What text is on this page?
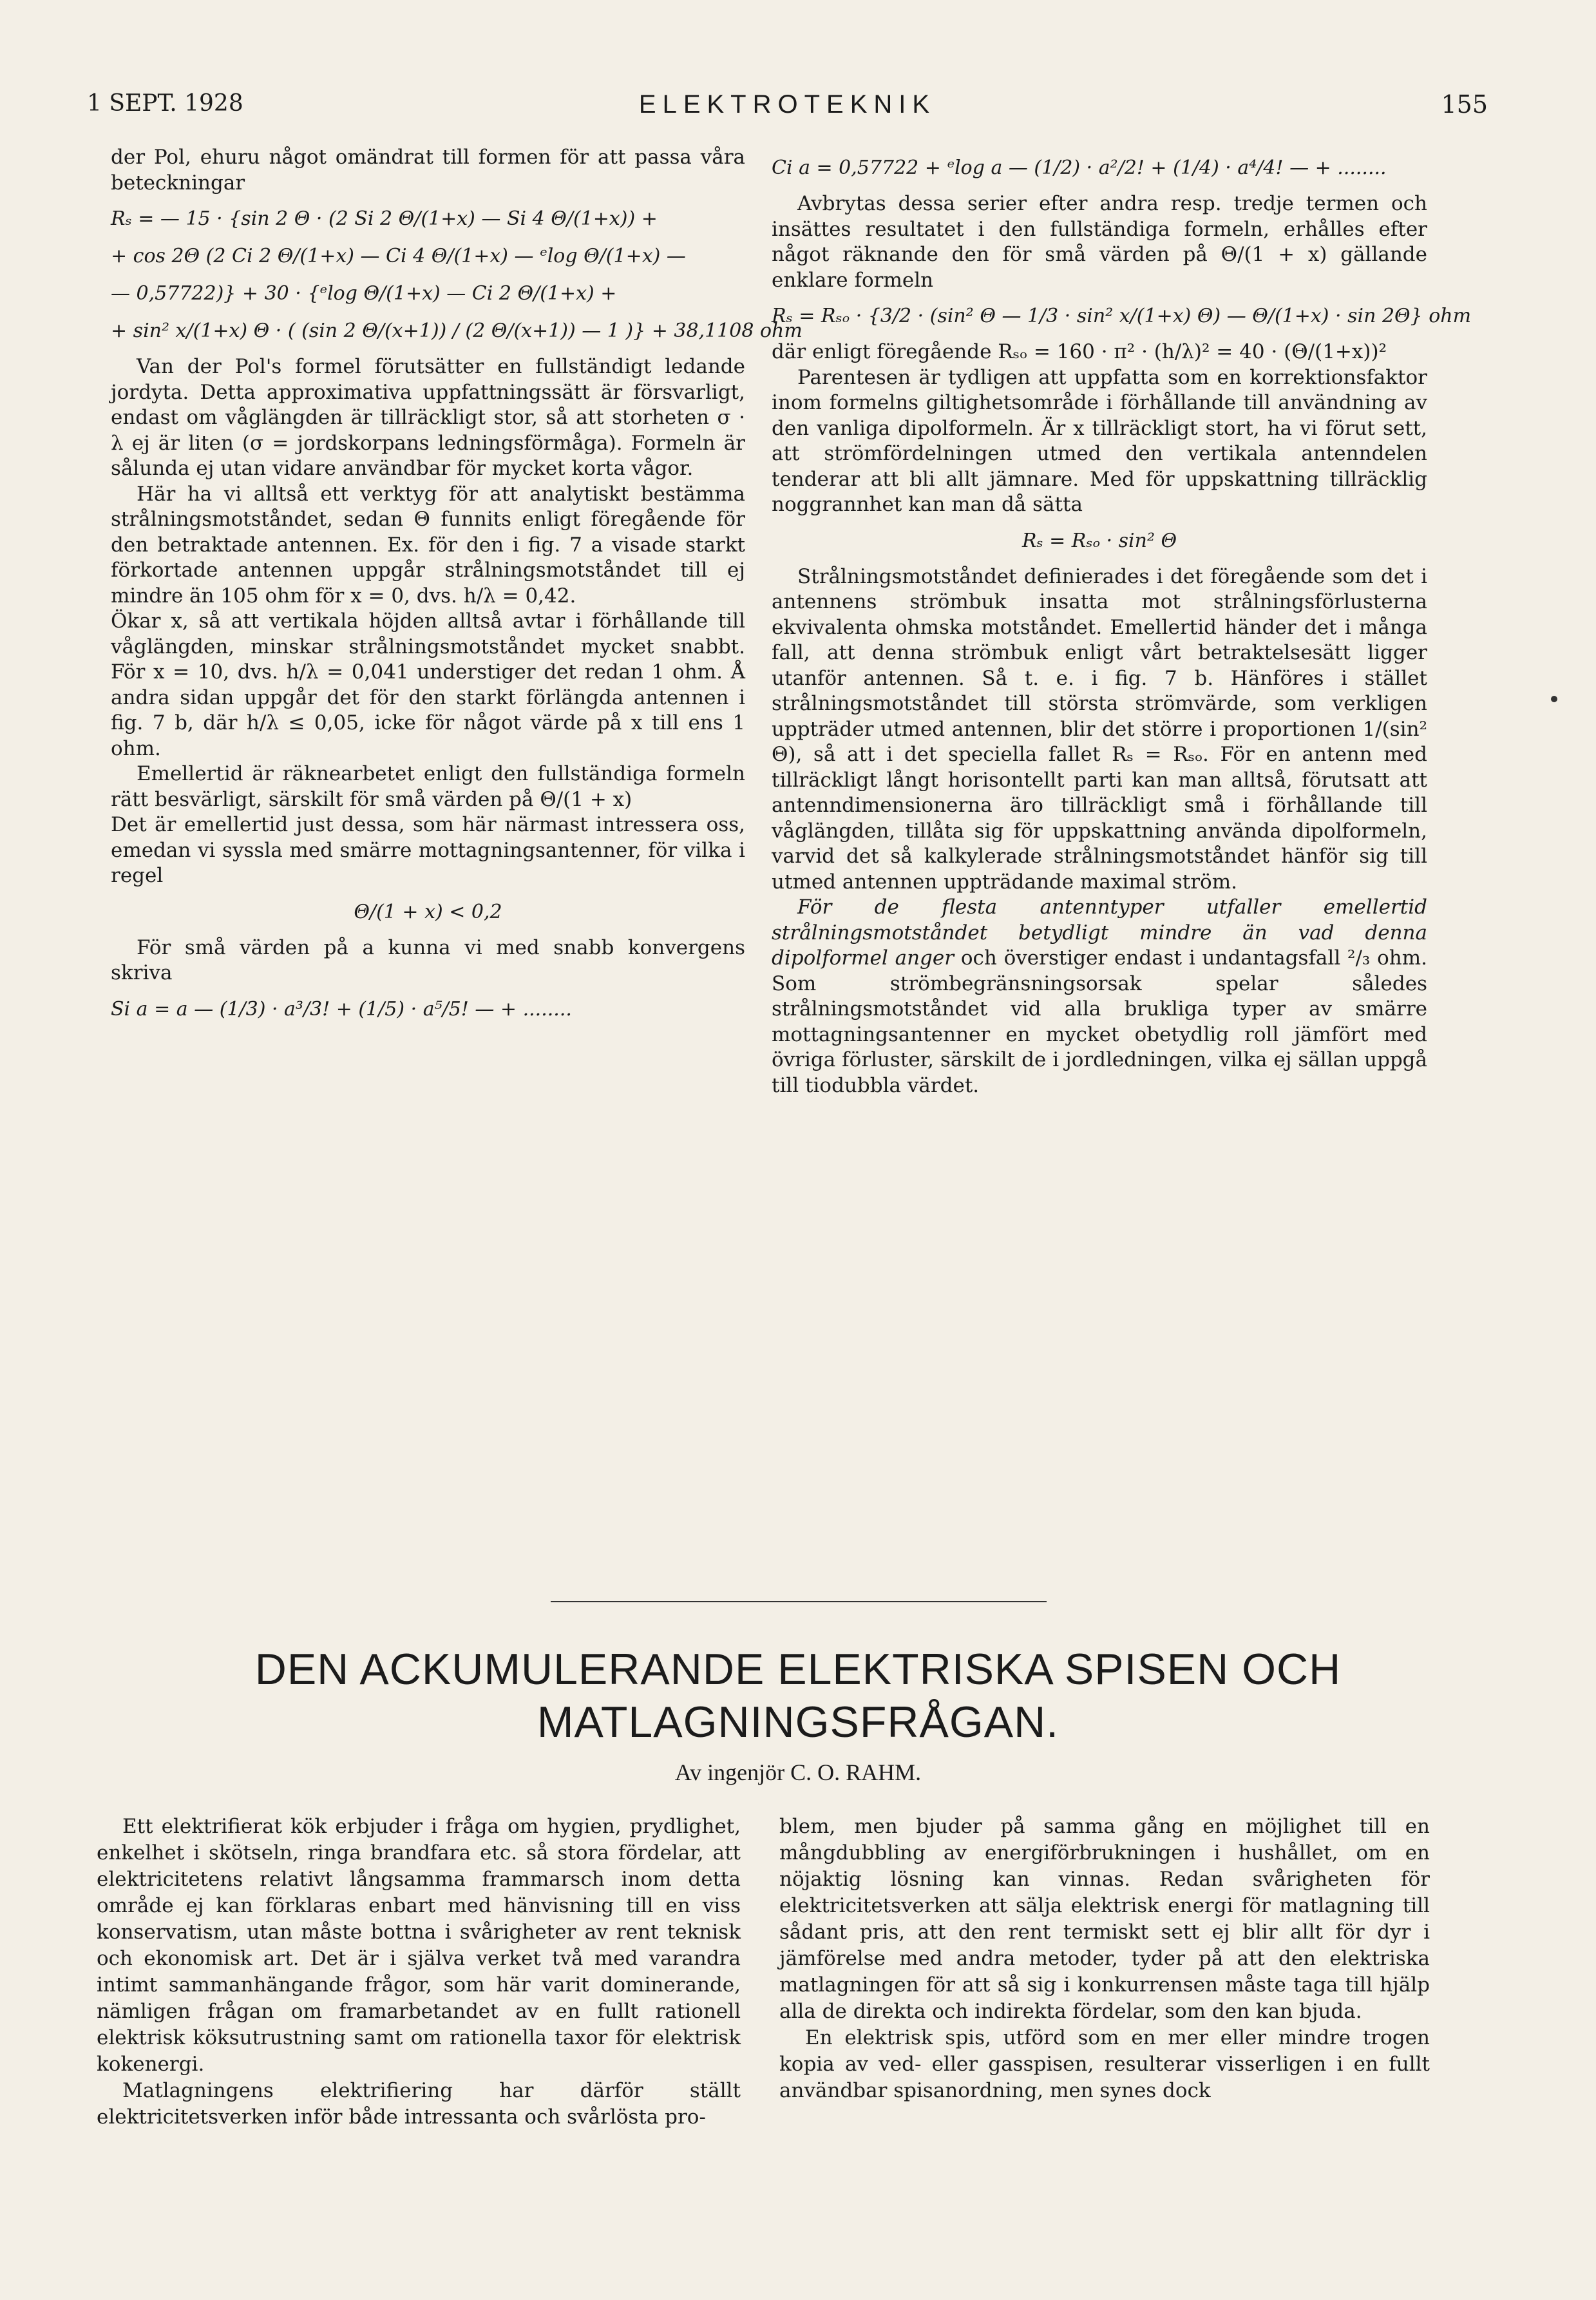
1 SEPT. 1928	ELEKTROTEKNIK	155

der Pol, ehuru något omändrat till formen för att passa våra beteckningar

Rₛ = — 15 · {sin 2 Θ · (2 Si 2 Θ/(1+x) — Si 4 Θ/(1+x)) +
+ cos 2Θ (2 Ci 2 Θ/(1+x) — Ci 4 Θ/(1+x) — ᵉlog Θ/(1+x) —
— 0,57722)} + 30 · {ᵉlog Θ/(1+x) — Ci 2 Θ/(1+x) +
+ sin² x/(1+x) Θ · ( (sin 2 Θ/(x+1)) / (2 Θ/(x+1)) — 1 )} + 38,1108 ohm

Van der Pol's formel förutsätter en fullständigt ledande jordyta. Detta approximativa uppfattningssätt är försvarligt, endast om våglängden är tillräckligt stor, så att storheten σ · λ ej är liten (σ = jordskorpans ledningsförmåga). Formeln är sålunda ej utan vidare användbar för mycket korta vågor.

Här ha vi alltså ett verktyg för att analytiskt bestämma strålningsmotståndet, sedan Θ funnits enligt föregående för den betraktade antennen. Ex. för den i fig. 7 a visade starkt förkortade antennen uppgår strålningsmotståndet till ej mindre än 105 ohm för x = 0, dvs. h/λ = 0,42.

Ökar x, så att vertikala höjden alltså avtar i förhållande till våglängden, minskar strålningsmotståndet mycket snabbt. För x = 10, dvs. h/λ = 0,041 understiger det redan 1 ohm. Å andra sidan uppgår det för den starkt förlängda antennen i fig. 7 b, där h/λ ≤ 0,05, icke för något värde på x till ens 1 ohm.

Emellertid är räknearbetet enligt den fullständiga formeln rätt besvärligt, särskilt för små värden på Θ/(1 + x)

Det är emellertid just dessa, som här närmast intressera oss, emedan vi syssla med smärre mottagningsantenner, för vilka i regel

Θ/(1 + x) < 0,2

För små värden på a kunna vi med snabb konvergens skriva

Si a = a — (1/3) · a³/3! + (1/5) · a⁵/5! — + ........
Ci a = 0,57722 + ᵉlog a — (1/2) · a²/2! + (1/4) · a⁴/4! — + ........

Avbrytas dessa serier efter andra resp. tredje termen och insättes resultatet i den fullständiga formeln, erhålles efter något räknande den för små värden på Θ/(1 + x) gällande enklare formeln

Rₛ = Rₛₒ · {3/2 · (sin² Θ — 1/3 · sin² x/(1+x) Θ) — Θ/(1+x) · sin 2Θ} ohm

där enligt föregående Rₛₒ = 160 · π² · (h/λ)² = 40 · (Θ/(1+x))²

Parentesen är tydligen att uppfatta som en korrektionsfaktor inom formelns giltighetsområde i förhållande till användning av den vanliga dipolformeln. Är x tillräckligt stort, ha vi förut sett, att strömfördelningen utmed den vertikala antenndelen tenderar att bli allt jämnare. Med för uppskattning tillräcklig noggrannhet kan man då sätta

Rₛ = Rₛₒ · sin² Θ

Strålningsmotståndet definierades i det föregående som det i antennens strömbuk insatta mot strålningsförlusterna ekvivalenta ohmska motståndet. Emellertid händer det i många fall, att denna strömbuk enligt vårt betraktelsesätt ligger utanför antennen. Så t. e. i fig. 7 b. Hänföres i stället strålningsmotståndet till största strömvärde, som verkligen uppträder utmed antennen, blir det större i proportionen 1/(sin² Θ), så att i det speciella fallet Rₛ = Rₛₒ. För en antenn med tillräckligt långt horisontellt parti kan man alltså, förutsatt att antenndimensionerna äro tillräckligt små i förhållande till våglängden, tillåta sig för uppskattning använda dipolformeln, varvid det så kalkylerade strålningsmotståndet hänför sig till utmed antennen uppträdande maximal ström.

För de flesta antenntyper utfaller emellertid strålningsmotståndet betydligt mindre än vad denna dipolformel anger och överstiger endast i undantagsfall ²/₃ ohm. Som strömbegränsningsorsak spelar således strålningsmotståndet vid alla brukliga typer av smärre mottagningsantenner en mycket obetydlig roll jämfört med övriga förluster, särskilt de i jordledningen, vilka ej sällan uppgå till tiodubbla värdet.

DEN ACKUMULERANDE ELEKTRISKA SPISEN OCH
MATLAGNINGSFRÅGAN.
Av ingenjör C. O. RAHM.

Ett elektrifierat kök erbjuder i fråga om hygien, prydlighet, enkelhet i skötseln, ringa brandfara etc. så stora fördelar, att elektricitetens relativt långsamma frammarsch inom detta område ej kan förklaras enbart med hänvisning till en viss konservatism, utan måste bottna i svårigheter av rent teknisk och ekonomisk art. Det är i själva verket två med varandra intimt sammanhängande frågor, som här varit dominerande, nämligen frågan om framarbetandet av en fullt rationell elektrisk köksutrustning samt om rationella taxor för elektrisk kokenergi.

Matlagningens elektrifiering har därför ställt elektricitetsverken inför både intressanta och svårlösta pro-

blem, men bjuder på samma gång en möjlighet till en mångdubbling av energiförbrukningen i hushållet, om en nöjaktig lösning kan vinnas. Redan svårigheten för elektricitetsverken att sälja elektrisk energi för matlagning till sådant pris, att den rent termiskt sett ej blir allt för dyr i jämförelse med andra metoder, tyder på att den elektriska matlagningen för att så sig i konkurrensen måste taga till hjälp alla de direkta och indirekta fördelar, som den kan bjuda.

En elektrisk spis, utförd som en mer eller mindre trogen kopia av ved- eller gasspisen, resulterar visserligen i en fullt användbar spisanordning, men synes dock
